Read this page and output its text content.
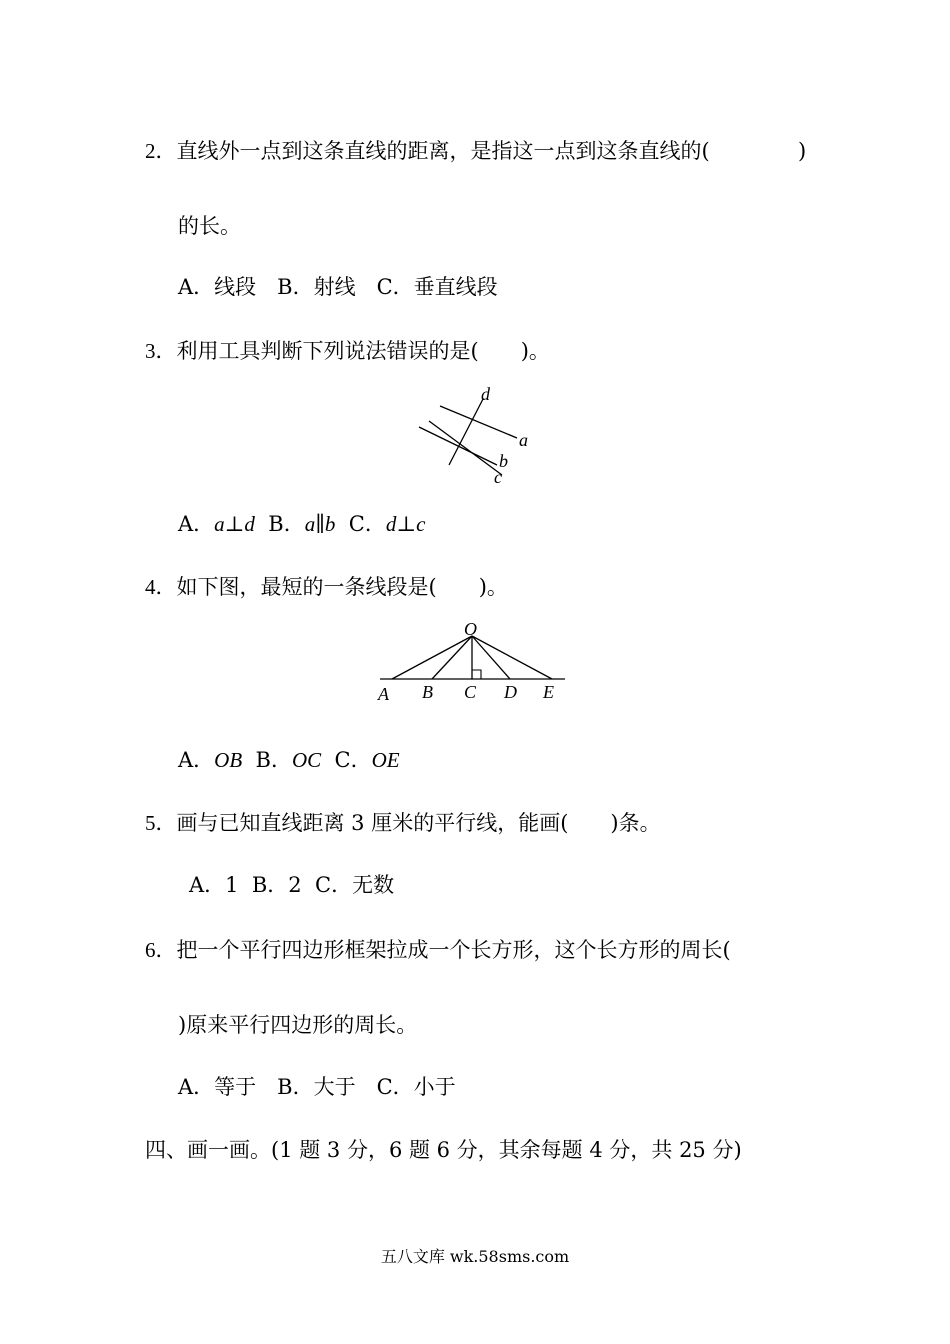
2．直线外一点到这条直线的距离，是指这一点到这条直线的(	)
的长。
A．线段　B．射线　C．垂直线段
3．利用工具判断下列说法错误的是(　　)。
d
a
b
c
A．a⊥d B．a∥b C．d⊥c
4．如下图，最短的一条线段是(　　)。
O
A B C D E
A．OB B．OC C．OE
5．画与已知直线距离 3 厘米的平行线，能画(　　)条。
A．1  B．2  C．无数
6．把一个平行四边形框架拉成一个长方形，这个长方形的周长(
)原来平行四边形的周长。
A．等于　B．大于　C．小于
四、画一画。(1 题 3 分，6 题 6 分，其余每题 4 分，共 25 分)
五八文库 wk.58sms.com
